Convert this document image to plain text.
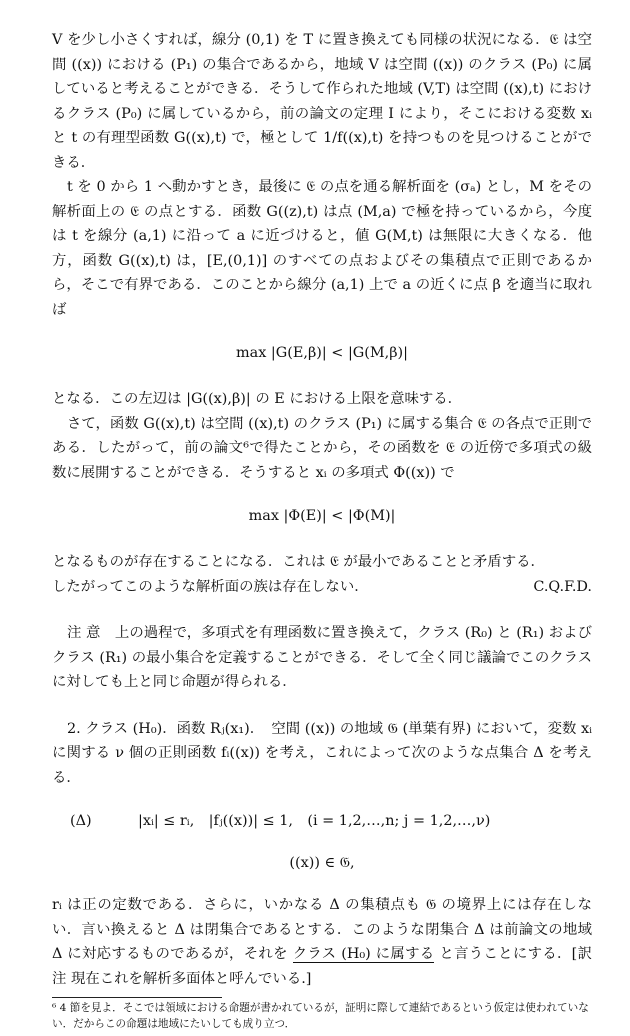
V を少し小さくすれば，線分 (0,1) を T に置き換えても同様の状況になる．𝔈 は空間 ((x)) における (P₁) の集合であるから，地域 V は空間 ((x)) のクラス (P₀) に属していると考えることができる．そうして作られた地域 (V,T) は空間 ((x),t) におけるクラス (P₀) に属しているから，前の論文の定理 I により，そこにおける変数 xᵢ と t の有理型函数 G((x),t) で，極として 1/f((x),t) を持つものを見つけることができる．

t を 0 から 1 へ動かすとき，最後に 𝔈 の点を通る解析面を (σₐ) とし，M をその解析面上の 𝔈 の点とする．函数 G((z),t) は点 (M,a) で極を持っているから，今度は t を線分 (a,1) に沿って a に近づけると，値 G(M,t) は無限に大きくなる．他方，函数 G((x),t) は，[E,(0,1)] のすべての点およびその集積点で正則であるから，そこで有界である．このことから線分 (a,1) 上で a の近くに点 β を適当に取れば

max |G(E,β)| < |G(M,β)|

となる．この左辺は |G((x),β)| の E における上限を意味する．

さて，函数 G((x),t) は空間 ((x),t) のクラス (P₁) に属する集合 𝔈 の各点で正則である．したがって，前の論文⁶で得たことから，その函数を 𝔈 の近傍で多項式の級数に展開することができる．そうすると xᵢ の多項式 Φ((x)) で

max |Φ(E)| < |Φ(M)|

となるものが存在することになる．これは 𝔈 が最小であることと矛盾する．

したがってこのような解析面の族は存在しない．	C.Q.F.D.

注 意　上の過程で，多項式を有理函数に置き換えて，クラス (R₀) と (R₁) およびクラス (R₁) の最小集合を定義することができる．そして全く同じ議論でこのクラスに対しても上と同じ命題が得られる．

2. クラス (H₀)．函数 Rⱼ(x₁)．　空間 ((x)) の地域 𝔊 (単葉有界) において，変数 xᵢ に関する ν 個の正則函数 fᵢ((x)) を考え，これによって次のような点集合 Δ を考える．

(Δ)	|xᵢ| ≤ rᵢ,　|fⱼ((x))| ≤ 1,　(i = 1,2,…,n; j = 1,2,…,ν)
((x)) ∈ 𝔊,

rᵢ は正の定数である．さらに，いかなる Δ の集積点も 𝔊 の境界上には存在しない．言い換えると Δ は閉集合であるとする．このような閉集合 Δ は前論文の地域 Δ に対応するものであるが，それを クラス (H₀) に属する と言うことにする．[訳注 現在これを解析多面体と呼んでいる.]

⁶ 4 節を見よ．そこでは領域における命題が書かれているが，証明に際して連結であるという仮定は使われていない．だからこの命題は地域にたいしても成り立つ．
